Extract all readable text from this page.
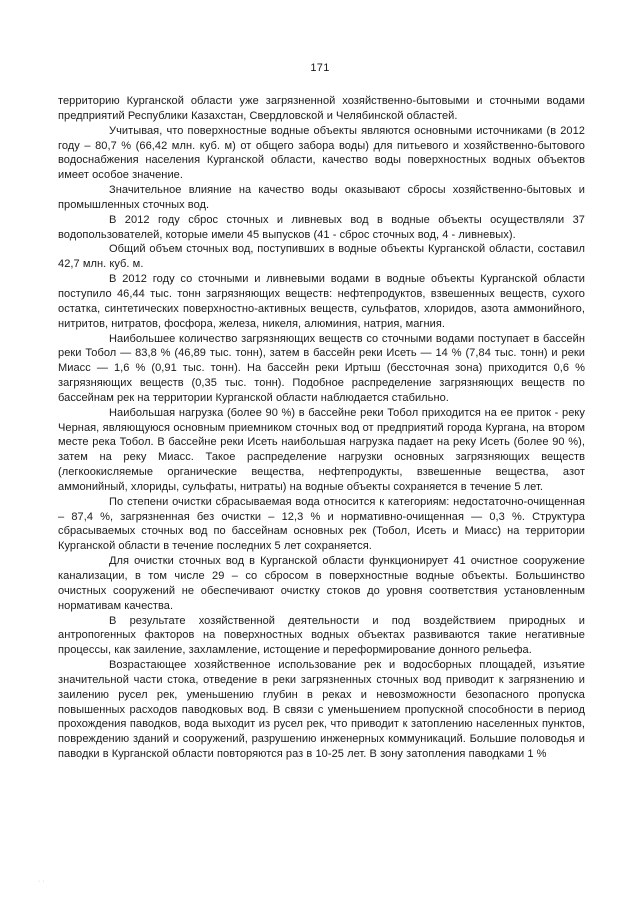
171

территорию Курганской области уже загрязненной хозяйственно-бытовыми и сточными водами предприятий Республики Казахстан, Свердловской и Челябинской областей.

Учитывая, что поверхностные водные объекты являются основными источниками (в 2012 году – 80,7 % (66,42 млн. куб. м) от общего забора воды) для питьевого и хозяйственно-бытового водоснабжения населения Курганской области, качество воды поверхностных водных объектов имеет особое значение.

Значительное влияние на качество воды оказывают сбросы хозяйственно-бытовых и промышленных сточных вод.

В 2012 году сброс сточных и ливневых вод в водные объекты осуществляли 37 водопользователей, которые имели 45 выпусков (41 - сброс сточных вод, 4 - ливневых).

Общий объем сточных вод, поступивших в водные объекты Курганской области, составил 42,7 млн. куб. м.

В 2012 году со сточными и ливневыми водами в водные объекты Курганской области поступило 46,44 тыс. тонн загрязняющих веществ: нефтепродуктов, взвешенных веществ, сухого остатка, синтетических поверхностно-активных веществ, сульфатов, хлоридов, азота аммонийного, нитритов, нитратов, фосфора, железа, никеля, алюминия, натрия, магния.

Наибольшее количество загрязняющих веществ со сточными водами поступает в бассейн реки Тобол — 83,8 % (46,89 тыс. тонн), затем в бассейн реки Исеть — 14 % (7,84 тыс. тонн) и реки Миасс — 1,6 % (0,91 тыс. тонн). На бассейн реки Иртыш (бессточная зона) приходится 0,6 % загрязняющих веществ (0,35 тыс. тонн). Подобное распределение загрязняющих веществ по бассейнам рек на территории Курганской области наблюдается стабильно.

Наибольшая нагрузка (более 90 %) в бассейне реки Тобол приходится на ее приток - реку Черная, являющуюся основным приемником сточных вод от предприятий города Кургана, на втором месте река Тобол. В бассейне реки Исеть наибольшая нагрузка падает на реку Исеть (более 90 %), затем на реку Миасс. Такое распределение нагрузки основных загрязняющих веществ (легкоокисляемые органические вещества, нефтепродукты, взвешенные вещества, азот аммонийный, хлориды, сульфаты, нитраты) на водные объекты сохраняется в течение 5 лет.

По степени очистки сбрасываемая вода относится к категориям: недостаточно-очищенная – 87,4 %, загрязненная без очистки – 12,3 % и нормативно-очищенная — 0,3 %. Структура сбрасываемых сточных вод по бассейнам основных рек (Тобол, Исеть и Миасс) на территории Курганской области в течение последних 5 лет сохраняется.

Для очистки сточных вод в Курганской области функционирует 41 очистное сооружение канализации, в том числе 29 – со сбросом в поверхностные водные объекты. Большинство очистных сооружений не обеспечивают очистку стоков до уровня соответствия установленным нормативам качества.

В результате хозяйственной деятельности и под воздействием природных и антропогенных факторов на поверхностных водных объектах развиваются такие негативные процессы, как заиление, захламление, истощение и переформирование донного рельефа.

Возрастающее хозяйственное использование рек и водосборных площадей, изъятие значительной части стока, отведение в реки загрязненных сточных вод приводит к загрязнению и заилению русел рек, уменьшению глубин в реках и невозможности безопасного пропуска повышенных расходов паводковых вод. В связи с уменьшением пропускной способности в период прохождения паводков, вода выходит из русел рек, что приводит к затоплению населенных пунктов, повреждению зданий и сооружений, разрушению инженерных коммуникаций. Большие половодья и паводки в Курганской области повторяются раз в 10-25 лет. В зону затопления паводками 1 %

· ·
